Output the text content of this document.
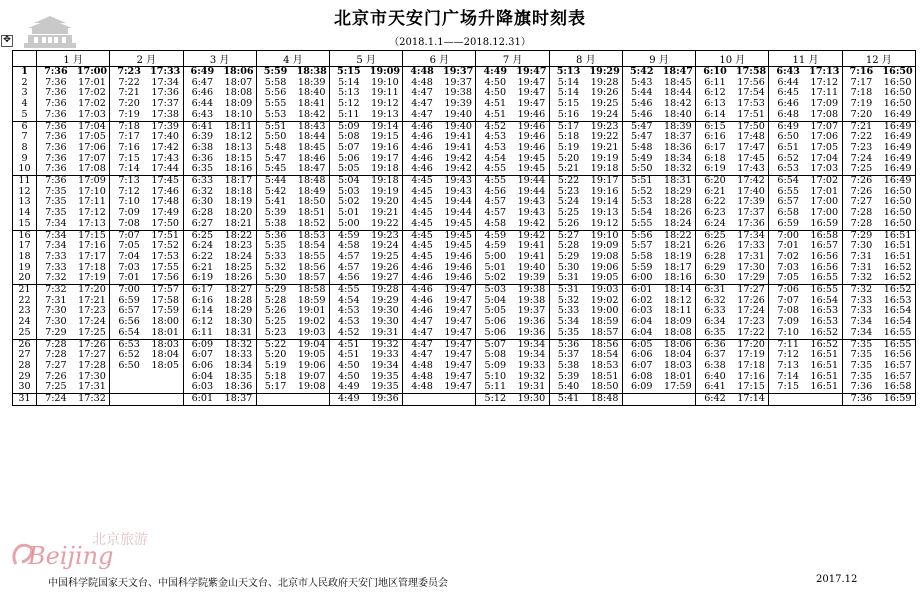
北京市天安门广场升降旗时刻表
✥	（2018.1.1——2018.12.31）
	1 月		2 月		3 月		4 月		5 月		6 月		7 月		8 月		9 月		10 月		11 月		12 月	
1	7:36	17:00	7:23	17:33	6:49	18:06	5:59	18:38	5:15	19:09	4:48	19:37	4:49	19:47	5:13	19:29	5:42	18:47	6:10	17:58	6:43	17:13	7:16	16:50
2	7:36	17:01	7:22	17:34	6:47	18:07	5:58	18:39	5:14	19:10	4:48	19:37	4:50	19:47	5:14	19:28	5:43	18:45	6:11	17:56	6:44	17:12	7:17	16:50
3	7:36	17:02	7:21	17:36	6:46	18:08	5:56	18:40	5:13	19:11	4:47	19:38	4:50	19:47	5:14	19:26	5:44	18:44	6:12	17:54	6:45	17:11	7:18	16:50
4	7:36	17:02	7:20	17:37	6:44	18:09	5:55	18:41	5:12	19:12	4:47	19:39	4:51	19:47	5:15	19:25	5:46	18:42	6:13	17:53	6:46	17:09	7:19	16:50
5	7:36	17:03	7:19	17:38	6:43	18:10	5:53	18:42	5:11	19:13	4:47	19:40	4:51	19:46	5:16	19:24	5:46	18:40	6:14	17:51	6:48	17:08	7:20	16:49
6	7:36	17:04	7:18	17:39	6:41	18:11	5:51	18:43	5:09	19:14	4:46	19:40	4:52	19:46	5:17	19:23	5:47	18:39	6:15	17:50	6:49	17:07	7:21	16:49
7	7:36	17:05	7:17	17:40	6:39	18:12	5:50	18:44	5:08	19:15	4:46	19:41	4:53	19:46	5:18	19:22	5:47	18:37	6:16	17:48	6:50	17:06	7:22	16:49
8	7:36	17:06	7:16	17:42	6:38	18:13	5:48	18:45	5:07	19:16	4:46	19:41	4:53	19:46	5:19	19:21	5:48	18:36	6:17	17:47	6:51	17:05	7:23	16:49
9	7:36	17:07	7:15	17:43	6:36	18:15	5:47	18:46	5:06	19:17	4:46	19:42	4:54	19:45	5:20	19:19	5:49	18:34	6:18	17:45	6:52	17:04	7:24	16:49
10	7:36	17:08	7:14	17:44	6:35	18:16	5:45	18:47	5:05	19:18	4:46	19:42	4:55	19:45	5:21	19:18	5:50	18:32	6:19	17:43	6:53	17:03	7:25	16:49
11	7:36	17:09	7:13	17:45	6:33	18:17	5:44	18:48	5:04	19:18	4:45	19:43	4:55	19:44	5:22	19:17	5:51	18:31	6:20	17:42	6:54	17:02	7:26	16:49
12	7:35	17:10	7:12	17:46	6:32	18:18	5:42	18:49	5:03	19:19	4:45	19:43	4:56	19:44	5:23	19:16	5:52	18:29	6:21	17:40	6:55	17:01	7:26	16:50
13	7:35	17:11	7:10	17:48	6:30	18:19	5:41	18:50	5:02	19:20	4:45	19:44	4:57	19:43	5:24	19:14	5:53	18:28	6:22	17:39	6:57	17:00	7:27	16:50
14	7:35	17:12	7:09	17:49	6:28	18:20	5:39	18:51	5:01	19:21	4:45	19:44	4:57	19:43	5:25	19:13	5:54	18:26	6:23	17:37	6:58	17:00	7:28	16:50
15	7:34	17:13	7:08	17:50	6:27	18:21	5:38	18:52	5:00	19:22	4:45	19:45	4:58	19:42	5:26	19:12	5:55	18:24	6:24	17:36	6:59	16:59	7:28	16:50
16	7:34	17:15	7:07	17:51	6:25	18:22	5:36	18:53	4:59	19:23	4:45	19:45	4:59	19:42	5:27	19:10	5:56	18:22	6:25	17:34	7:00	16:58	7:29	16:51
17	7:34	17:16	7:05	17:52	6:24	18:23	5:35	18:54	4:58	19:24	4:45	19:45	4:59	19:41	5:28	19:09	5:57	18:21	6:26	17:33	7:01	16:57	7:30	16:51
18	7:33	17:17	7:04	17:53	6:22	18:24	5:33	18:55	4:57	19:25	4:45	19:46	5:00	19:41	5:29	19:08	5:58	18:19	6:28	17:31	7:02	16:56	7:31	16:51
19	7:33	17:18	7:03	17:55	6:21	18:25	5:32	18:56	4:57	19:26	4:46	19:46	5:01	19:40	5:30	19:06	5:59	18:17	6:29	17:30	7:03	16:56	7:31	16:52
20	7:32	17:19	7:01	17:56	6:19	18:26	5:30	18:57	4:56	19:27	4:46	19:46	5:02	19:39	5:31	19:05	6:00	18:16	6:30	17:29	7:05	16:55	7:32	16:52
21	7:32	17:20	7:00	17:57	6:17	18:27	5:29	18:58	4:55	19:28	4:46	19:47	5:03	19:38	5:31	19:03	6:01	18:14	6:31	17:27	7:06	16:55	7:32	16:52
22	7:31	17:21	6:59	17:58	6:16	18:28	5:28	18:59	4:54	19:29	4:46	19:47	5:04	19:38	5:32	19:02	6:02	18:12	6:32	17:26	7:07	16:54	7:33	16:53
23	7:30	17:23	6:57	17:59	6:14	18:29	5:26	19:01	4:53	19:30	4:46	19:47	5:05	19:37	5:33	19:00	6:03	18:11	6:33	17:24	7:08	16:53	7:33	16:54
24	7:30	17:24	6:56	18:00	6:12	18:30	5:25	19:02	4:53	19:30	4:47	19:47	5:06	19:36	5:34	18:59	6:04	18:09	6:34	17:23	7:09	16:53	7:34	16:54
25	7:29	17:25	6:54	18:01	6:11	18:31	5:23	19:03	4:52	19:31	4:47	19:47	5:06	19:36	5:35	18:57	6:04	18:08	6:35	17:22	7:10	16:52	7:34	16:55
26	7:28	17:26	6:53	18:03	6:09	18:32	5:22	19:04	4:51	19:32	4:47	19:47	5:07	19:34	5:36	18:56	6:05	18:06	6:36	17:20	7:11	16:52	7:35	16:55
27	7:28	17:27	6:52	18:04	6:07	18:33	5:20	19:05	4:51	19:33	4:47	19:47	5:08	19:34	5:37	18:54	6:06	18:04	6:37	17:19	7:12	16:51	7:35	16:56
28	7:27	17:28	6:50	18:05	6:06	18:34	5:19	19:06	4:50	19:34	4:48	19:47	5:09	19:33	5:38	18:53	6:07	18:03	6:38	17:18	7:13	16:51	7:35	16:57
29	7:26	17:30			6:04	18:35	5:18	19:07	4:50	19:35	4:48	19:47	5:10	19:32	5:39	18:51	6:08	18:01	6:40	17:16	7:14	16:51	7:35	16:57
30	7:25	17:31			6:03	18:36	5:17	19:08	4:49	19:35	4:48	19:47	5:11	19:31	5:40	18:50	6:09	17:59	6:41	17:15	7:15	16:51	7:36	16:58
31	7:24	17:32			6:01	18:37			4:49	19:36			5:12	19:30	5:41	18:48			6:42	17:14			7:36	16:59
北京旅游
Beijing
中国科学院国家天文台、中国科学院紫金山天文台、北京市人民政府天安门地区管理委员会	2017.12
